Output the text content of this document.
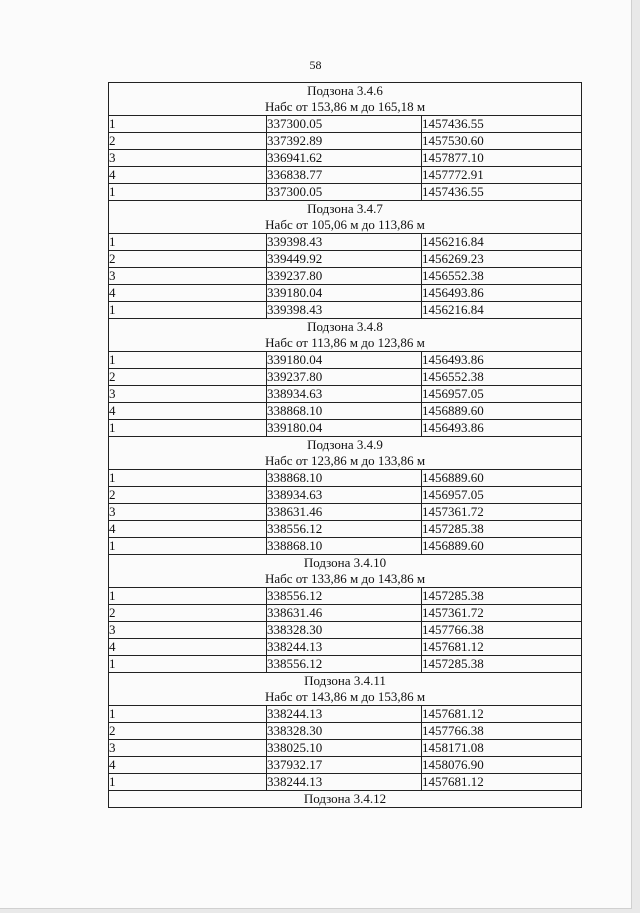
58
Подзона 3.4.6		
Набс от 153,86 м до 165,18 м		
1	337300.05	1457436.55
2	337392.89	1457530.60
3	336941.62	1457877.10
4	336838.77	1457772.91
1	337300.05	1457436.55
Подзона 3.4.7		
Набс от 105,06 м до 113,86 м		
1	339398.43	1456216.84
2	339449.92	1456269.23
3	339237.80	1456552.38
4	339180.04	1456493.86
1	339398.43	1456216.84
Подзона 3.4.8		
Набс от 113,86 м до 123,86 м		
1	339180.04	1456493.86
2	339237.80	1456552.38
3	338934.63	1456957.05
4	338868.10	1456889.60
1	339180.04	1456493.86
Подзона 3.4.9		
Набс от 123,86 м до 133,86 м		
1	338868.10	1456889.60
2	338934.63	1456957.05
3	338631.46	1457361.72
4	338556.12	1457285.38
1	338868.10	1456889.60
Подзона 3.4.10		
Набс от 133,86 м до 143,86 м		
1	338556.12	1457285.38
2	338631.46	1457361.72
3	338328.30	1457766.38
4	338244.13	1457681.12
1	338556.12	1457285.38
Подзона 3.4.11		
Набс от 143,86 м до 153,86 м		
1	338244.13	1457681.12
2	338328.30	1457766.38
3	338025.10	1458171.08
4	337932.17	1458076.90
1	338244.13	1457681.12
Подзона 3.4.12		
